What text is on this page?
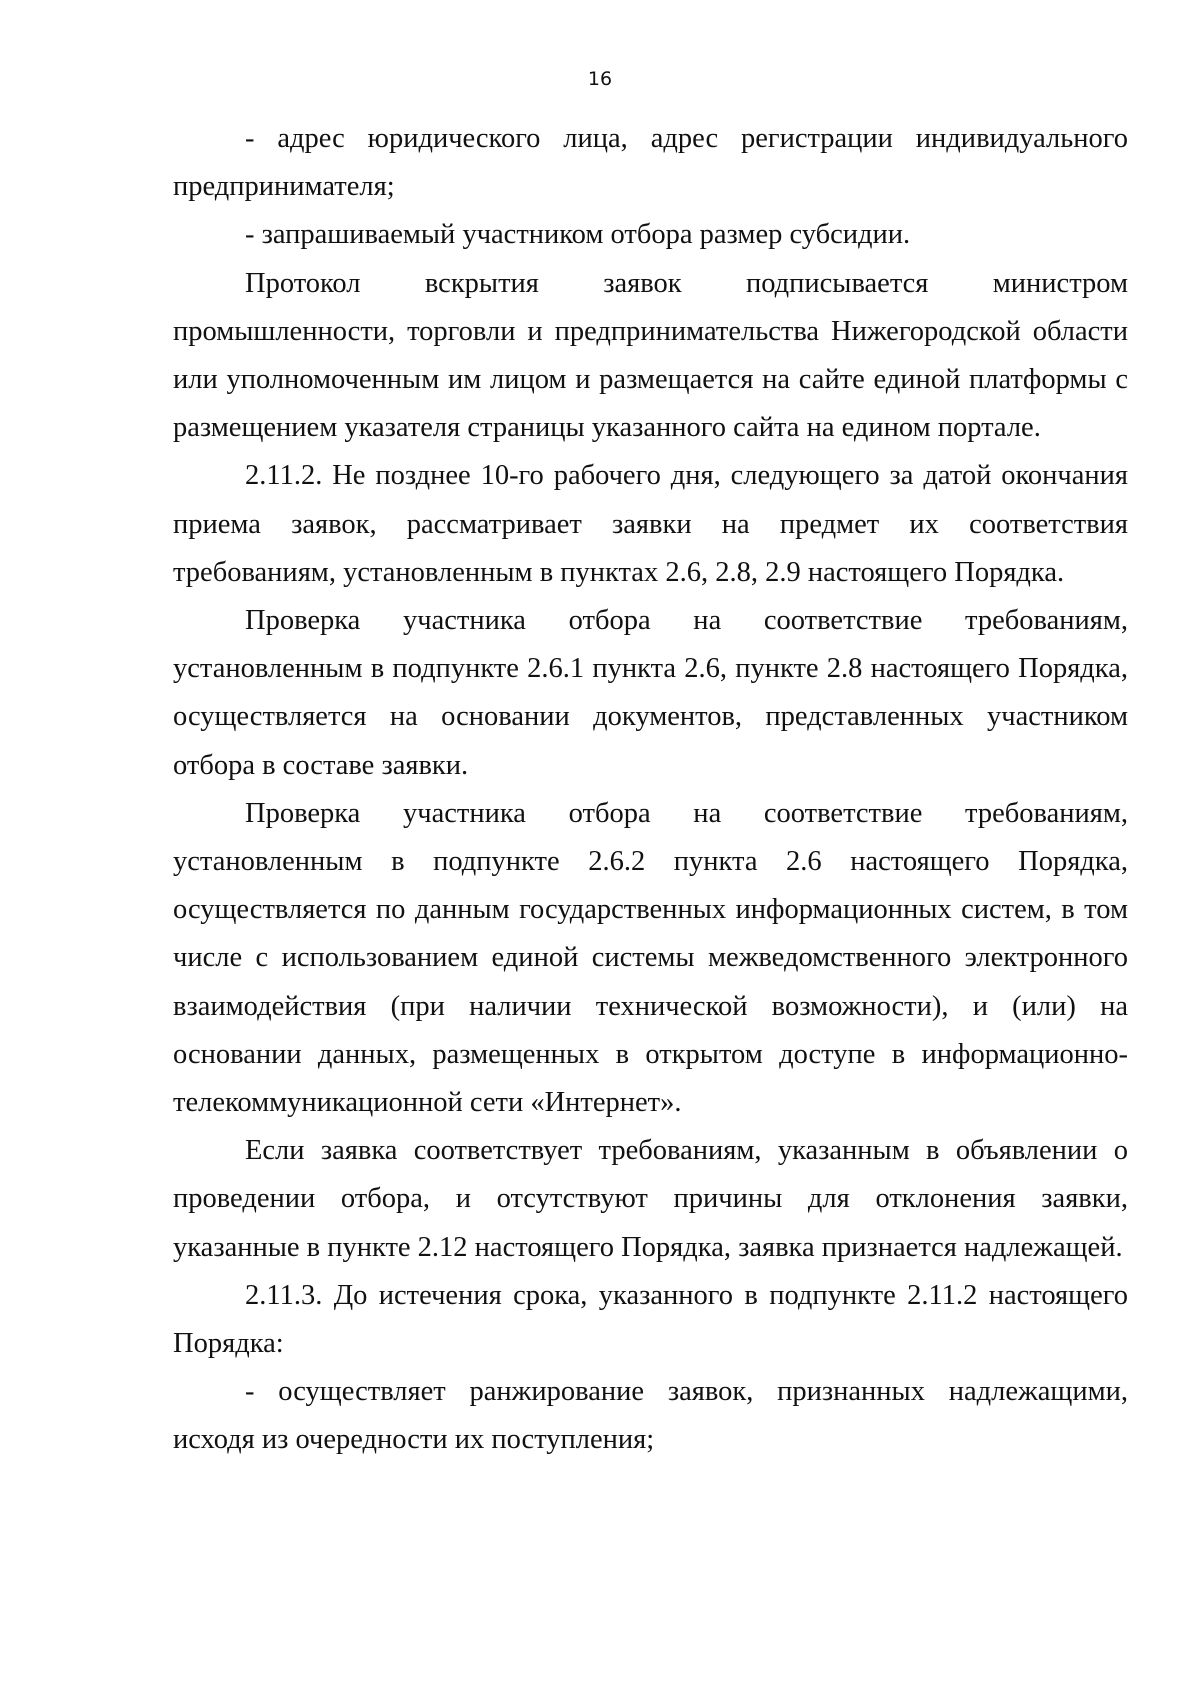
16

- адрес юридического лица, адрес регистрации индивидуального предпринимателя;

- запрашиваемый участником отбора размер субсидии.

Протокол вскрытия заявок подписывается министром промышленности, торговли и предпринимательства Нижегородской области или уполномоченным им лицом и размещается на сайте единой платформы с размещением указателя страницы указанного сайта на едином портале.

2.11.2. Не позднее 10-го рабочего дня, следующего за датой окончания приема заявок, рассматривает заявки на предмет их соответствия требованиям, установленным в пунктах 2.6, 2.8, 2.9 настоящего Порядка.

Проверка участника отбора на соответствие требованиям, установленным в подпункте 2.6.1 пункта 2.6, пункте 2.8 настоящего Порядка, осуществляется на основании документов, представленных участником отбора в составе заявки.

Проверка участника отбора на соответствие требованиям, установленным в подпункте 2.6.2 пункта 2.6 настоящего Порядка, осуществляется по данным государственных информационных систем, в том числе с использованием единой системы межведомственного электронного взаимодействия (при наличии технической возможности), и (или) на основании данных, размещенных в открытом доступе в информационно-телекоммуникационной сети «Интернет».

Если заявка соответствует требованиям, указанным в объявлении о проведении отбора, и отсутствуют причины для отклонения заявки, указанные в пункте 2.12 настоящего Порядка, заявка признается надлежащей.

2.11.3. До истечения срока, указанного в подпункте 2.11.2 настоящего Порядка:

- осуществляет ранжирование заявок, признанных надлежащими, исходя из очередности их поступления;
